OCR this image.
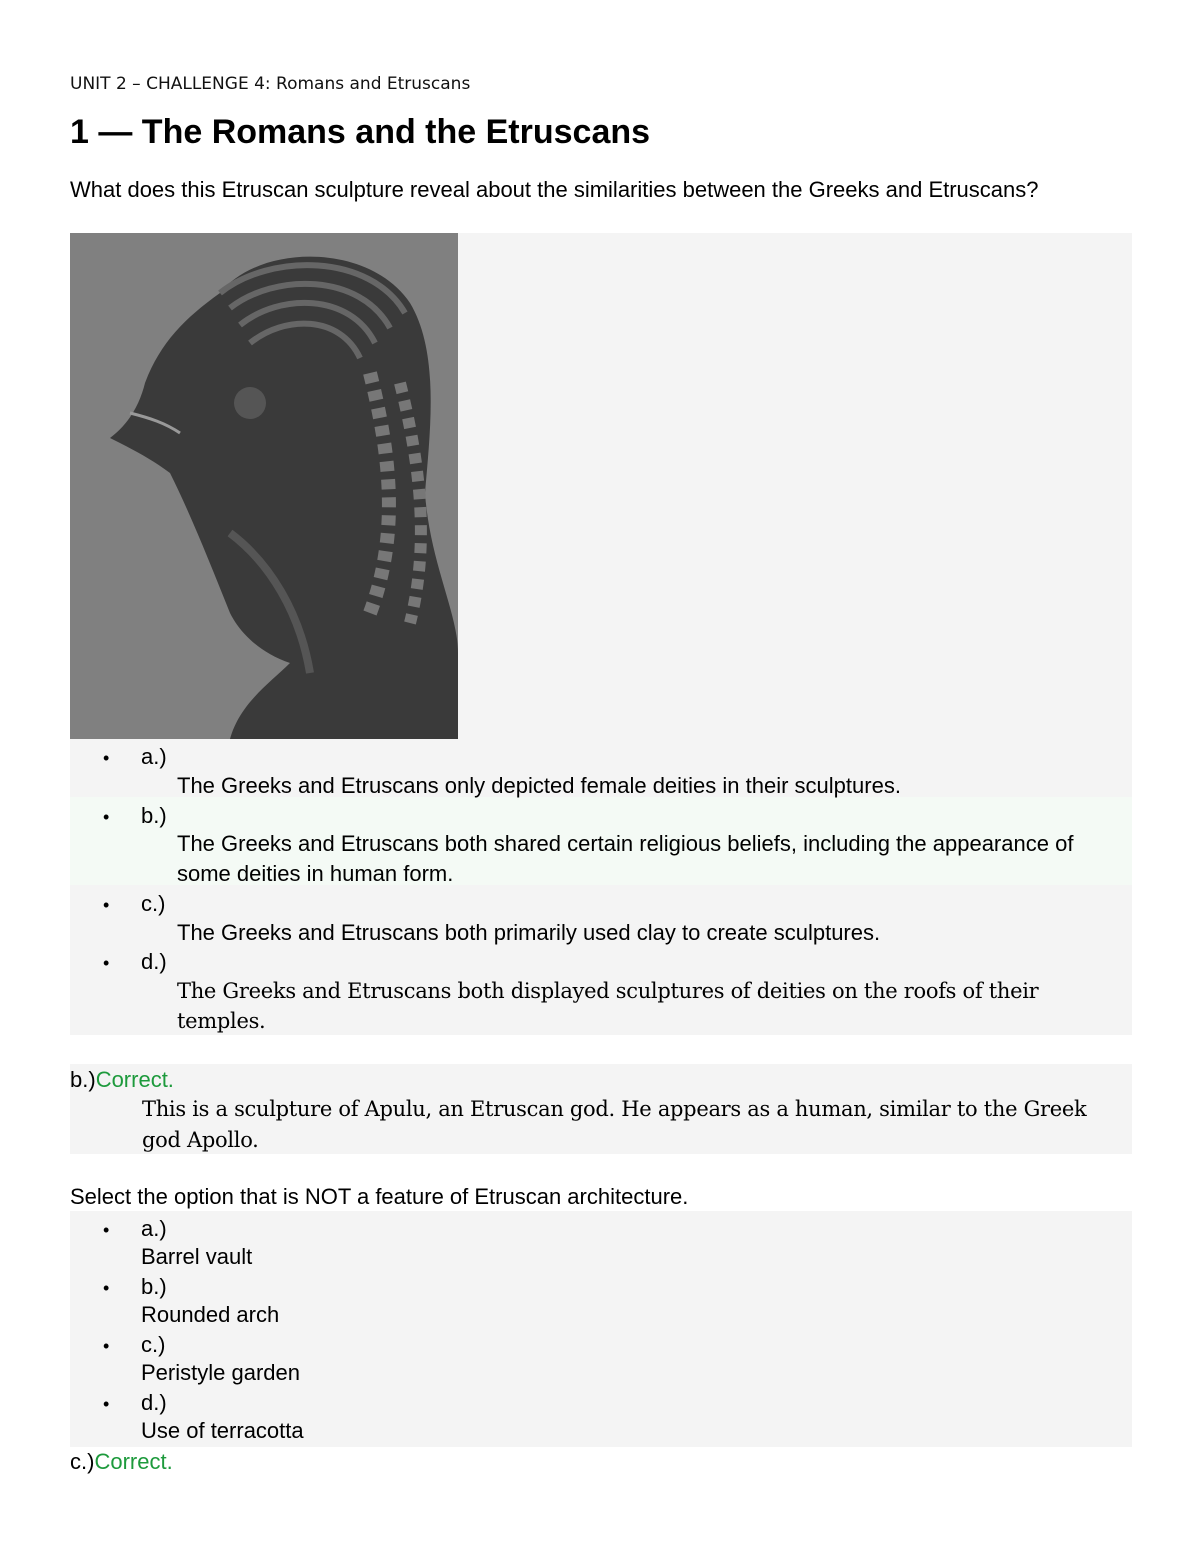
UNIT 2 – CHALLENGE 4: Romans and Etruscans
1 — The Romans and the Etruscans

What does this Etruscan sculpture reveal about the similarities between the Greeks and Etruscans?

• a.)
The Greeks and Etruscans only depicted female deities in their sculptures.
• b.)
The Greeks and Etruscans both shared certain religious beliefs, including the appearance of some deities in human form.
• c.)
The Greeks and Etruscans both primarily used clay to create sculptures.
• d.)
The Greeks and Etruscans both displayed sculptures of deities on the roofs of their temples.
b.)Correct.
This is a sculpture of Apulu, an Etruscan god. He appears as a human, similar to the Greek god Apollo.

Select the option that is NOT a feature of Etruscan architecture.

• a.)
Barrel vault
• b.)
Rounded arch
• c.)
Peristyle garden
• d.)
Use of terracotta
c.)Correct.
